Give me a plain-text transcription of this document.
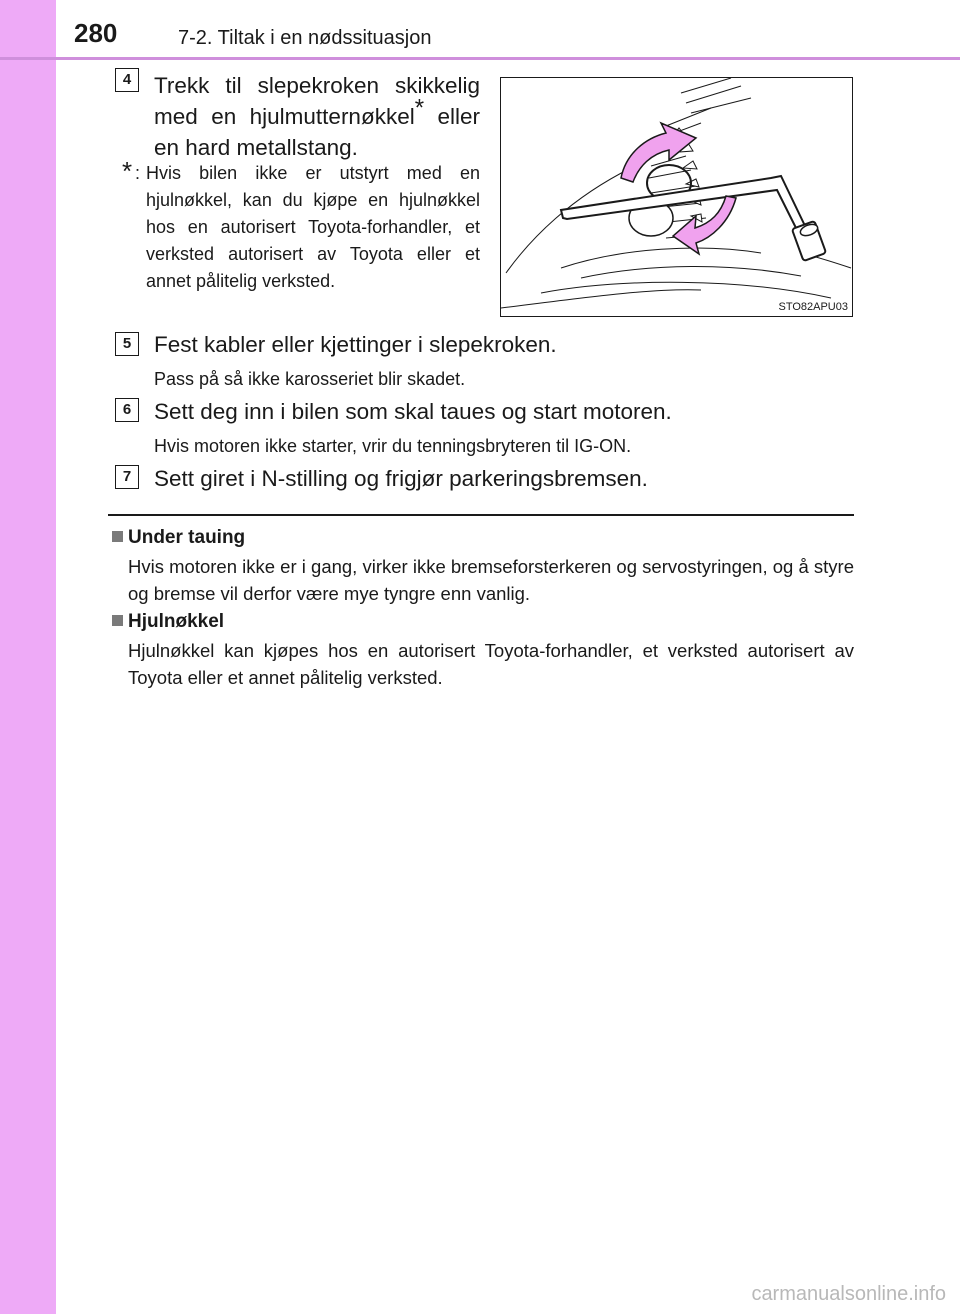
280	7-2. Tiltak i en nødssituasjon
4	Trekk til slepekroken skikkelig med en hjulmutternøkkel* eller en hard metallstang.
* : Hvis bilen ikke er utstyrt med en hjulnøkkel, kan du kjøpe en hjulnøkkel hos en autorisert Toyota-forhandler, et verksted autorisert av Toyota eller et annet pålitelig verksted.
STO82APU03
5	Fest kabler eller kjettinger i slepekroken.
Pass på så ikke karosseriet blir skadet.
6	Sett deg inn i bilen som skal taues og start motoren.
Hvis motoren ikke starter, vrir du tenningsbryteren til IG-ON.
7	Sett giret i N-stilling og frigjør parkeringsbremsen.
Under tauing
Hvis motoren ikke er i gang, virker ikke bremseforsterkeren og servostyringen, og å styre og bremse vil derfor være mye tyngre enn vanlig.
Hjulnøkkel
Hjulnøkkel kan kjøpes hos en autorisert Toyota-forhandler, et verksted autorisert av Toyota eller et annet pålitelig verksted.
carmanualsonline.info
